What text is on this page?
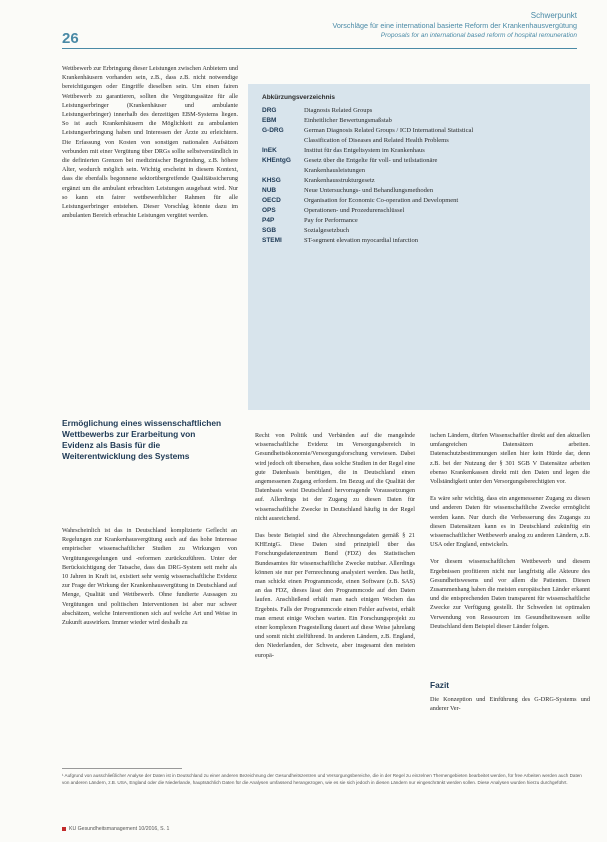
26
Schwerpunkt
Vorschläge für eine international basierte Reform der Krankenhausvergütung
Proposals for an international based reform of hospital remuneration

Wettbewerb zur Erbringung dieser Leistungen zwischen Anbietern und Krankenhäusern vorhanden sein, z.B., dass z.B. nicht notwendige bereichtigungen oder Eingriffe dieselben sein. Um einen fairen Wettbewerb zu garantieren, sollten die Vergütungssätze für alle Leistungserbringer (Krankenhäuser und ambulante Leistungserbringer) innerhalb des derzeitigen EBM-Systems liegen. So ist auch Krankenhäusern die Möglichkeit zu ambulanten Leistungserbringung haben und Interessen der Ärzte zu erleichtern. Die Erfassung von Kosten von sonstigen nationalen Aufsätzen verbunden mit einer Vergütung über DRGs sollte selbstverständlich in die definierten Grenzen bei medizinischer Begründung, z.B. höhere Alter, wodurch möglich sein. Wichtig erscheint in diesem Kontext, dass die ebenfalls begonnene sektorübergreifende Qualitätssicherung ergänzt um die ambulant erbrachten Leistungen ausgebaut wird. Nur so kann ein fairer wettbewerblicher Rahmen für alle Leistungserbringer entstehen. Dieser Vorschlag könnte dazu im ambulanten Bereich erbrachte Leistungen vergütet werden.

Abkürzungsverzeichnis
DRG	Diagnosis Related Groups
EBM	Einheitlicher Bewertungsmaßstab
G-DRG	German Diagnosis Related Groups / ICD International Statistical
Classification of Diseases and Related Health Problems
InEK	Institut für das Entgeltsystem im Krankenhaus
KHEntgG	Gesetz über die Entgelte für voll- und teilstationäre
Krankenhausleistungen
KHSG	Krankenhausstrukturgesetz
NUB	Neue Untersuchungs- und Behandlungsmethoden
OECD	Organisation for Economic Co-operation and Development
OPS	Operationen- und Prozedurenschlüssel
P4P	Pay for Performance
SGB	Sozialgesetzbuch
STEMI	ST-segment elevation myocardial infarction
Ermöglichung eines wissenschaftlichen Wettbewerbs zur Erarbeitung von Evidenz als Basis für die Weiterentwicklung des Systems

Wahrscheinlich ist das in Deutschland komplizierte Geflecht an Regelungen zur Krankenhausvergütung auch auf das hohe Interesse empirischer wissenschaftlicher Studien zu Wirkungen von Vergütungsregelungen und -reformen zurückzuführen. Unter der Berücksichtigung der Tatsache, dass das DRG-System seit mehr als 10 Jahren in Kraft ist, existiert sehr wenig wissenschaftliche Evidenz zur Frage der Wirkung der Krankenhausvergütung in Deutschland auf Menge, Qualität und Wettbewerb. Ohne fundierte Aussagen zu Vergütungen und politischen Interventionen ist aber nur schwer abschätzen, welche Interventionen sich auf welche Art und Weise in Zukunft auswirken. Immer wieder wird deshalb zu

Recht von Politik und Verbänden auf die mangelnde wissenschaftliche Evidenz im Versorgungsbereich in Gesundheitsökonomie/Versorgungsforschung verwiesen. Dabei wird jedoch oft übersehen, dass solche Studien in der Regel eine gute Datenbasis benötigen, die in Deutschland einen angemessenen Zugang erfordern. Im Bezug auf die Qualität der Datenbasis weist Deutschland hervorragende Voraussetzungen auf. Allerdings ist der Zugang zu diesen Daten für wissenschaftliche Zwecke in Deutschland häufig in der Regel nicht ausreichend.

Das beste Beispiel sind die Abrechnungsdaten gemäß § 21 KHEntgG. Diese Daten sind prinzipiell über das Forschungsdatenzentrum Bund (FDZ) des Statistischen Bundesamtes für wissenschaftliche Zwecke nutzbar. Allerdings können sie nur per Fernrechnung analysiert werden. Das heißt, man schickt einen Programmcode, einen Software (z.B. SAS) an das FDZ, dieses lässt den Programmcode auf den Daten laufen. Anschließend erhält man nach einigen Wochen das Ergebnis. Falls der Programmcode einen Fehler aufweist, erhält man erneut einige Wochen warten. Ein Forschungsprojekt zu einer komplexen Fragestellung dauert auf diese Weise jahrelang und somit nicht zielführend. In anderen Ländern, z.B. England, den Niederlanden, der Schweiz, aber insgesamt den meisten europä-

ischen Ländern, dürfen Wissenschaftler direkt auf den aktuellen umfangreichen Datensätzen arbeiten. Datenschutzbestimmungen stellen hier kein Hürde dar, denn z.B. bei der Nutzung der § 301 SGB V Datensätze arbeiten ebenso Krankenkassen direkt mit den Daten und legen die Vollständigkeit unter den Versorgungsberechtigten vor.

Es wäre sehr wichtig, dass ein angemessener Zugang zu diesen und anderen Daten für wissenschaftliche Zwecke ermöglicht werden kann. Nur durch die Verbesserung des Zugangs zu diesen Datensätzen kann es in Deutschland zukünftig ein wissenschaftlicher Wettbewerb analog zu anderen Ländern, z.B. USA oder England, entwickeln.

Vor diesem wissenschaftlichen Wettbewerb und diesem Ergebnissen profitieren nicht nur langfristig alle Akteure des Gesundheitswesens und vor allem die Patienten. Diesen Zusammenhang haben die meisten europäischen Länder erkannt und die entsprechenden Daten transparent für wissenschaftliche Zwecke zur Verfügung gestellt. Ihr Schweden ist optimalen Verwendung von Ressourcen im Gesundheitswesen sollte Deutschland dem Beispiel dieser Länder folgen.

Fazit
Die Konzeption und Einführung des G-DRG-Systems und anderer Ver-
¹ Aufgrund von ausschließlicher Analyse der Daten ist in Deutschland zu einer anderen Bezeichnung der Gesundheitszentren und Versorgungsbereiche, die in der Regel zu einzelnen Themengebieten bearbeitet werden, für free Arbeiten werden auch Daten von anderen Ländern, z.B. USA, England oder die Niederlande, hauptsächlich Daten für die Analysen umfassend herangezogen, wie es sie sich jedoch in diesen Ländern nur eingeschränkt werden sollen. Diese Analysen wurden hierzu durchgeführt.
KU Gesundheitsmanagement 10/2016, S. 1
